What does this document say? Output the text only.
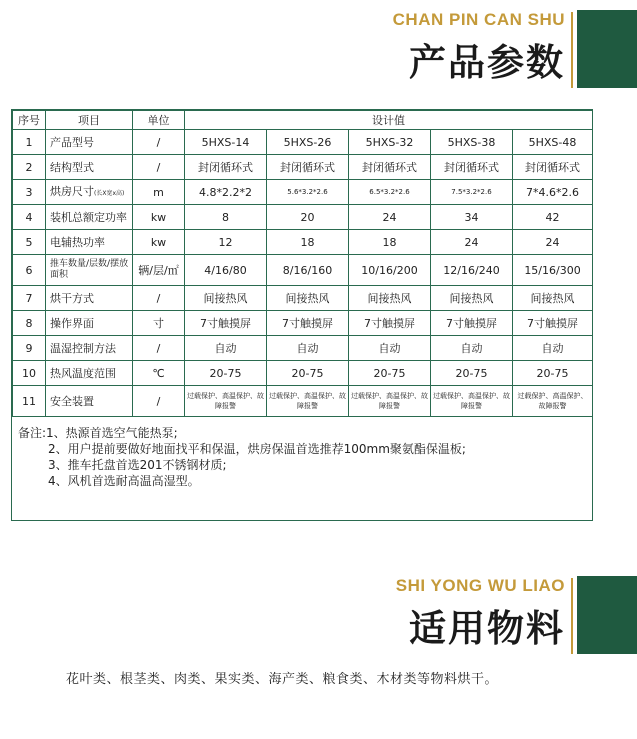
CHAN PIN CAN SHU
产品参数
序号	项目	单位	设计值				
1	产品型号	/	5HXS-14	5HXS-26	5HXS-32	5HXS-38	5HXS-48
2	结构型式	/	封闭循环式	封闭循环式	封闭循环式	封闭循环式	封闭循环式
3	烘房尺寸(长X宽x高)	m	4.8*2.2*2	5.6*3.2*2.6	6.5*3.2*2.6	7.5*3.2*2.6	7*4.6*2.6
4	装机总额定功率	kw	8	20	24	34	42
5	电辅热功率	kw	12	18	18	24	24
6	推车数量/层数/摆放面积	辆/层/㎡	4/16/80	8/16/160	10/16/200	12/16/240	15/16/300
7	烘干方式	/	间接热风	间接热风	间接热风	间接热风	间接热风
8	操作界面	寸	7寸触摸屏	7寸触摸屏	7寸触摸屏	7寸触摸屏	7寸触摸屏
9	温湿控制方法	/	自动	自动	自动	自动	自动
10	热风温度范围	℃	20-75	20-75	20-75	20-75	20-75
11	安全装置	/	过载保护、高温保护、故障报警	过载保护、高温保护、故障报警	过载保护、高温保护、故障报警	过载保护、高温保护、故障报警	过载保护、高温保护、故障报警
备注:1、热源首选空气能热泵;
2、用户提前要做好地面找平和保温，烘房保温首选推荐100mm聚氨酯保温板;
3、推车托盘首选201不锈钢材质;
4、风机首选耐高温高湿型。
SHI YONG WU LIAO
适用物料
花叶类、根茎类、肉类、果实类、海产类、粮食类、木材类等物料烘干。
